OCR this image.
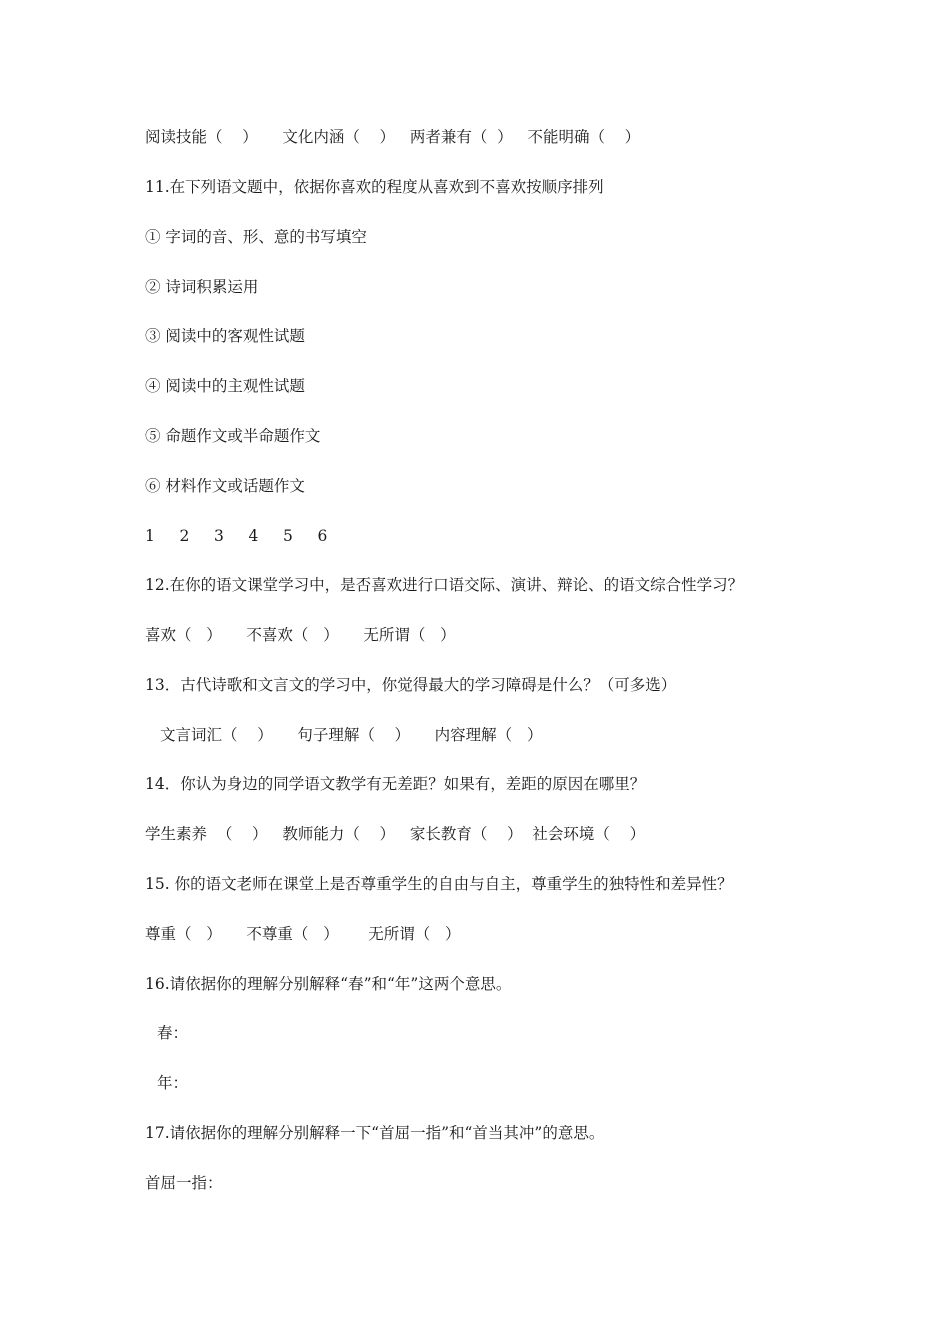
阅读技能（    ）     文化内涵（    ）   两者兼有（  ）   不能明确（    ）
11.在下列语文题中，依据你喜欢的程度从喜欢到不喜欢按顺序排列
① 字词的音、形、意的书写填空
② 诗词积累运用
③ 阅读中的客观性试题
④ 阅读中的主观性试题
⑤ 命题作文或半命题作文
⑥ 材料作文或话题作文
1     2     3     4     5     6
12.在你的语文课堂学习中，是否喜欢进行口语交际、演讲、辩论、的语文综合性学习？
喜欢（   ）     不喜欢（   ）     无所谓（   ）
13．古代诗歌和文言文的学习中，你觉得最大的学习障碍是什么？（可多选）
文言词汇（    ）     句子理解（    ）     内容理解（   ）
14．你认为身边的同学语文教学有无差距？如果有，差距的原因在哪里？
学生素养  （    ）   教师能力（    ）   家长教育（    ）  社会环境（    ）
15. 你的语文老师在课堂上是否尊重学生的自由与自主，尊重学生的独特性和差异性？
尊重（   ）     不尊重（   ）      无所谓（   ）
16.请依据你的理解分别解释“春”和“年”这两个意思。
春：
年：
17.请依据你的理解分别解释一下“首屈一指”和“首当其冲”的意思。
首屈一指：
